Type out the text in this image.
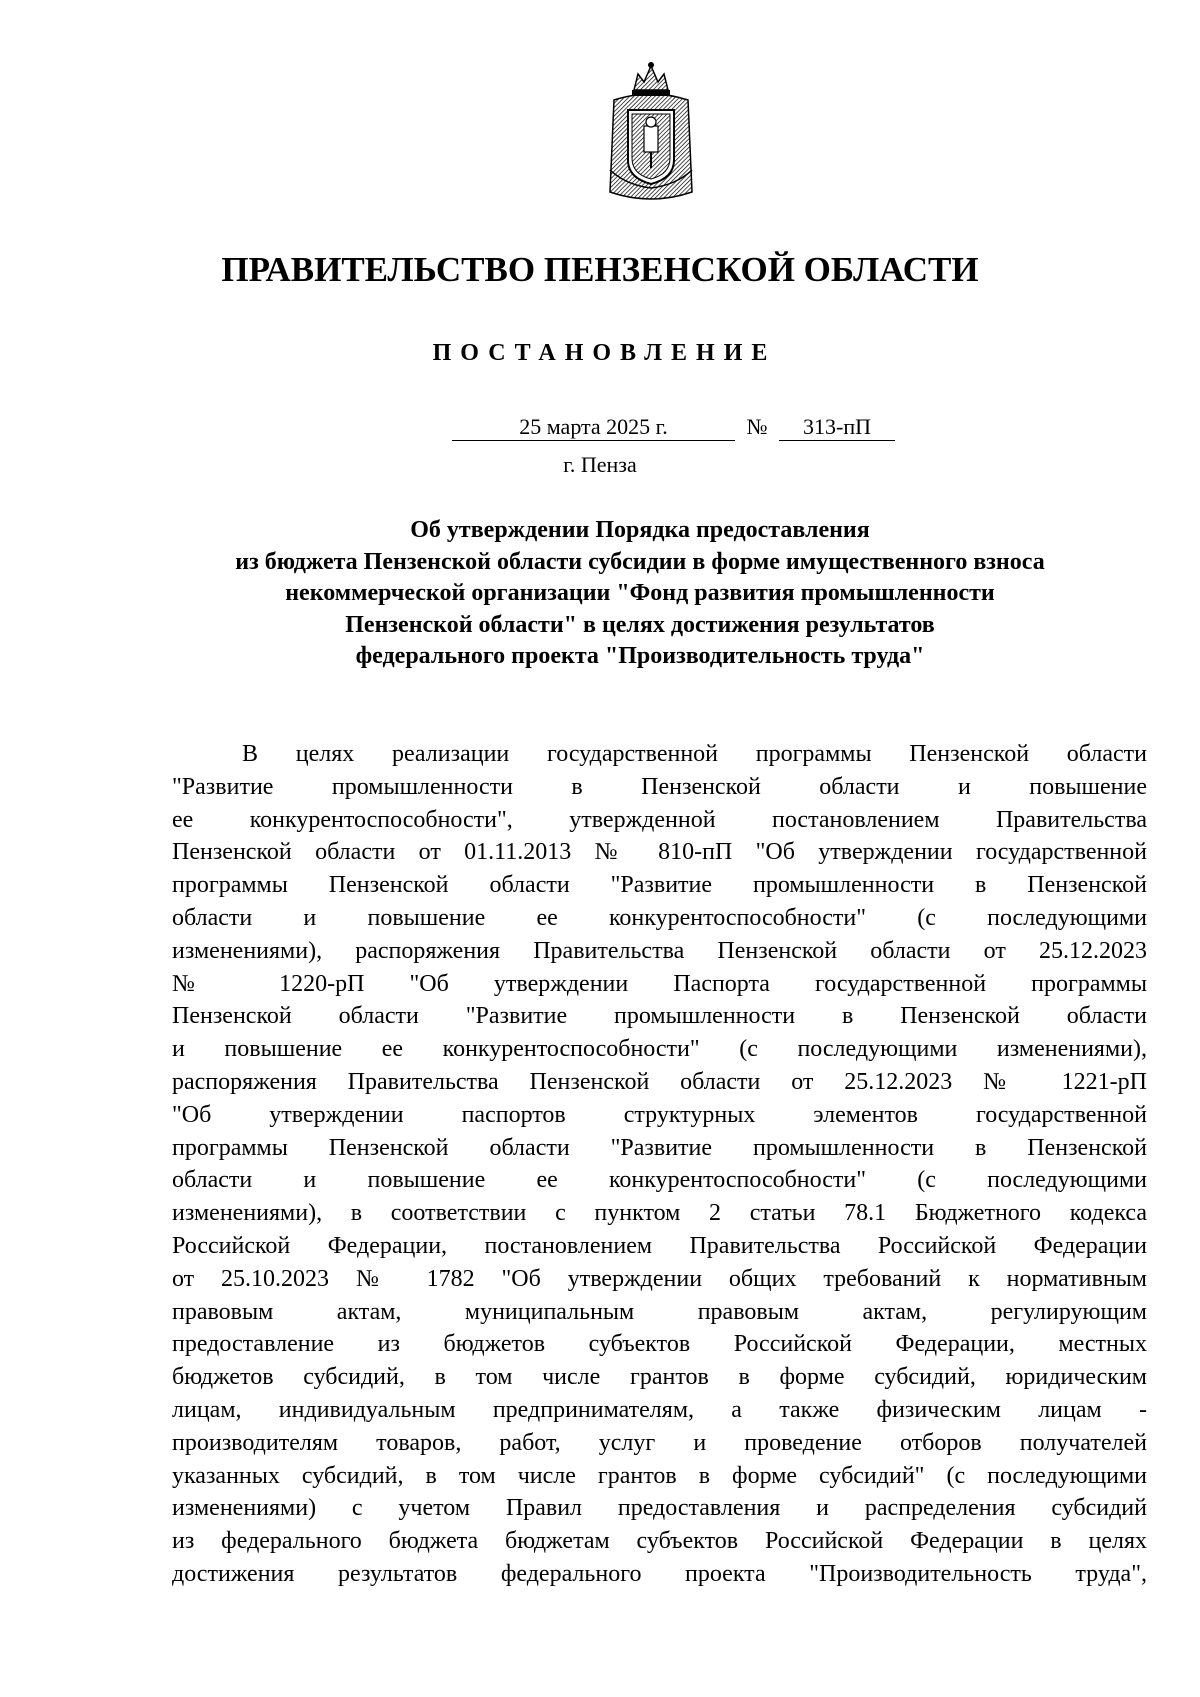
ПРАВИТЕЛЬСТВО ПЕНЗЕНСКОЙ ОБЛАСТИ
ПОСТАНОВЛЕНИЕ
25 марта 2025 г.	№	313-пП
г. Пенза
Об утверждении Порядка предоставления
из бюджета Пензенской области субсидии в форме имущественного взноса
некоммерческой организации "Фонд развития промышленности
Пензенской области" в целях достижения результатов
федерального проекта "Производительность труда"
В целях реализации государственной программы Пензенской области
"Развитие промышленности в Пензенской области и повышение
ее конкурентоспособности", утвержденной постановлением Правительства
Пензенской области от 01.11.2013 № 810-пП "Об утверждении государственной
программы Пензенской области "Развитие промышленности в Пензенской
области и повышение ее конкурентоспособности" (с последующими
изменениями), распоряжения Правительства Пензенской области от 25.12.2023
№ 1220-рП "Об утверждении Паспорта государственной программы
Пензенской области "Развитие промышленности в Пензенской области
и повышение ее конкурентоспособности" (с последующими изменениями),
распоряжения Правительства Пензенской области от 25.12.2023 № 1221-рП
"Об утверждении паспортов структурных элементов государственной
программы Пензенской области "Развитие промышленности в Пензенской
области и повышение ее конкурентоспособности" (с последующими
изменениями), в соответствии с пунктом 2 статьи 78.1 Бюджетного кодекса
Российской Федерации, постановлением Правительства Российской Федерации
от 25.10.2023 № 1782 "Об утверждении общих требований к нормативным
правовым актам, муниципальным правовым актам, регулирующим
предоставление из бюджетов субъектов Российской Федерации, местных
бюджетов субсидий, в том числе грантов в форме субсидий, юридическим
лицам, индивидуальным предпринимателям, а также физическим лицам -
производителям товаров, работ, услуг и проведение отборов получателей
указанных субсидий, в том числе грантов в форме субсидий" (с последующими
изменениями) с учетом Правил предоставления и распределения субсидий
из федерального бюджета бюджетам субъектов Российской Федерации в целях
достижения результатов федерального проекта "Производительность труда",
